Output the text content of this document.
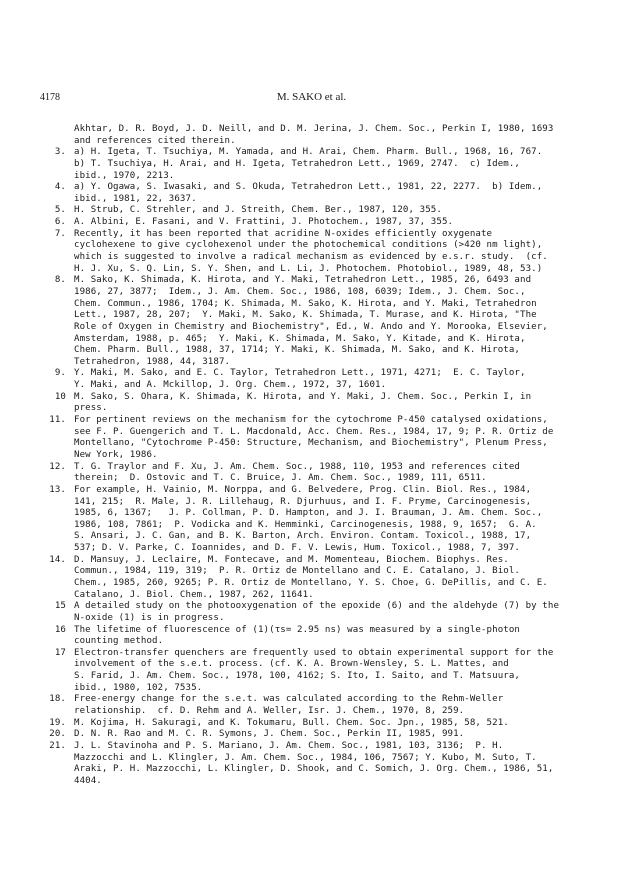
4178	M. SAKO et al.
Akhtar, D. R. Boyd, J. D. Neill, and D. M. Jerina, J. Chem. Soc., Perkin I, 1980, 1693
and references cited therein.
3. a) H. Igeta, T. Tsuchiya, M. Yamada, and H. Arai, Chem. Pharm. Bull., 1968, 16, 767.
b) T. Tsuchiya, H. Arai, and H. Igeta, Tetrahedron Lett., 1969, 2747.  c) Idem.,
ibid., 1970, 2213.
4. a) Y. Ogawa, S. Iwasaki, and S. Okuda, Tetrahedron Lett., 1981, 22, 2277.  b) Idem.,
ibid., 1981, 22, 3637.
5. H. Strub, C. Strehler, and J. Streith, Chem. Ber., 1987, 120, 355.
6. A. Albini, E. Fasani, and V. Frattini, J. Photochem., 1987, 37, 355.
7. Recently, it has been reported that acridine N-oxides efficiently oxygenate
cyclohexene to give cyclohexenol under the photochemical conditions (>420 nm light),
which is suggested to involve a radical mechanism as evidenced by e.s.r. study.  (cf.
H. J. Xu, S. Q. Lin, S. Y. Shen, and L. Li, J. Photochem. Photobiol., 1989, 48, 53.)
8. M. Sako, K. Shimada, K. Hirota, and Y. Maki, Tetrahedron Lett., 1985, 26, 6493 and
1986, 27, 3877;  Idem., J. Am. Chem. Soc., 1986, 108, 6039; Idem., J. Chem. Soc.,
Chem. Commun., 1986, 1704; K. Shimada, M. Sako, K. Hirota, and Y. Maki, Tetrahedron
Lett., 1987, 28, 207;  Y. Maki, M. Sako, K. Shimada, T. Murase, and K. Hirota, "The
Role of Oxygen in Chemistry and Biochemistry", Ed., W. Ando and Y. Morooka, Elsevier,
Amsterdam, 1988, p. 465;  Y. Maki, K. Shimada, M. Sako, Y. Kitade, and K. Hirota,
Chem. Pharm. Bull., 1988, 37, 1714; Y. Maki, K. Shimada, M. Sako, and K. Hirota,
Tetrahedron, 1988, 44, 3187.
9. Y. Maki, M. Sako, and E. C. Taylor, Tetrahedron Lett., 1971, 4271;  E. C. Taylor,
Y. Maki, and A. Mckillop, J. Org. Chem., 1972, 37, 1601.
10 M. Sako, S. Ohara, K. Shimada, K. Hirota, and Y. Maki, J. Chem. Soc., Perkin I, in
press.
11. For pertinent reviews on the mechanism for the cytochrome P-450 catalysed oxidations,
see F. P. Guengerich and T. L. Macdonald, Acc. Chem. Res., 1984, 17, 9; P. R. Ortiz de
Montellano, "Cytochrome P-450: Structure, Mechanism, and Biochemistry", Plenum Press,
New York, 1986.
12. T. G. Traylor and F. Xu, J. Am. Chem. Soc., 1988, 110, 1953 and references cited
therein;  D. Ostovic and T. C. Bruice, J. Am. Chem. Soc., 1989, 111, 6511.
13. For example, H. Vainio, M. Norppa, and G. Belvedere, Prog. Clin. Biol. Res., 1984,
141, 215;  R. Male, J. R. Lillehaug, R. Djurhuus, and I. F. Pryme, Carcinogenesis,
1985, 6, 1367;   J. P. Collman, P. D. Hampton, and J. I. Brauman, J. Am. Chem. Soc.,
1986, 108, 7861;  P. Vodicka and K. Hemminki, Carcinogenesis, 1988, 9, 1657;  G. A.
S. Ansari, J. C. Gan, and B. K. Barton, Arch. Environ. Contam. Toxicol., 1988, 17,
537; D. V. Parke, C. Ioannides, and D. F. V. Lewis, Hum. Toxicol., 1988, 7, 397.
14. D. Mansuy, J. Leclaire, M. Fontecave, and M. Momenteau, Biochem. Biophys. Res.
Commun., 1984, 119, 319;  P. R. Ortiz de Montellano and C. E. Catalano, J. Biol.
Chem., 1985, 260, 9265; P. R. Ortiz de Montellano, Y. S. Choe, G. DePillis, and C. E.
Catalano, J. Biol. Chem., 1987, 262, 11641.
15 A detailed study on the photooxygenation of the epoxide (6) and the aldehyde (7) by the
N-oxide (1) is in progress.
16 The lifetime of fluorescence of (1)(τs= 2.95 ns) was measured by a single-photon
counting method.
17 Electron-transfer quenchers are frequently used to obtain experimental support for the
involvement of the s.e.t. process. (cf. K. A. Brown-Wensley, S. L. Mattes, and
S. Farid, J. Am. Chem. Soc., 1978, 100, 4162; S. Ito, I. Saito, and T. Matsuura,
ibid., 1980, 102, 7535.
18. Free-energy change for the s.e.t. was calculated according to the Rehm-Weller
relationship.  cf. D. Rehm and A. Weller, Isr. J. Chem., 1970, 8, 259.
19. M. Kojima, H. Sakuragi, and K. Tokumaru, Bull. Chem. Soc. Jpn., 1985, 58, 521.
20. D. N. R. Rao and M. C. R. Symons, J. Chem. Soc., Perkin II, 1985, 991.
21. J. L. Stavinoha and P. S. Mariano, J. Am. Chem. Soc., 1981, 103, 3136;  P. H.
Mazzocchi and L. Klingler, J. Am. Chem. Soc., 1984, 106, 7567; Y. Kubo, M. Suto, T.
Araki, P. H. Mazzocchi, L. Klingler, D. Shook, and C. Somich, J. Org. Chem., 1986, 51,
4404.
